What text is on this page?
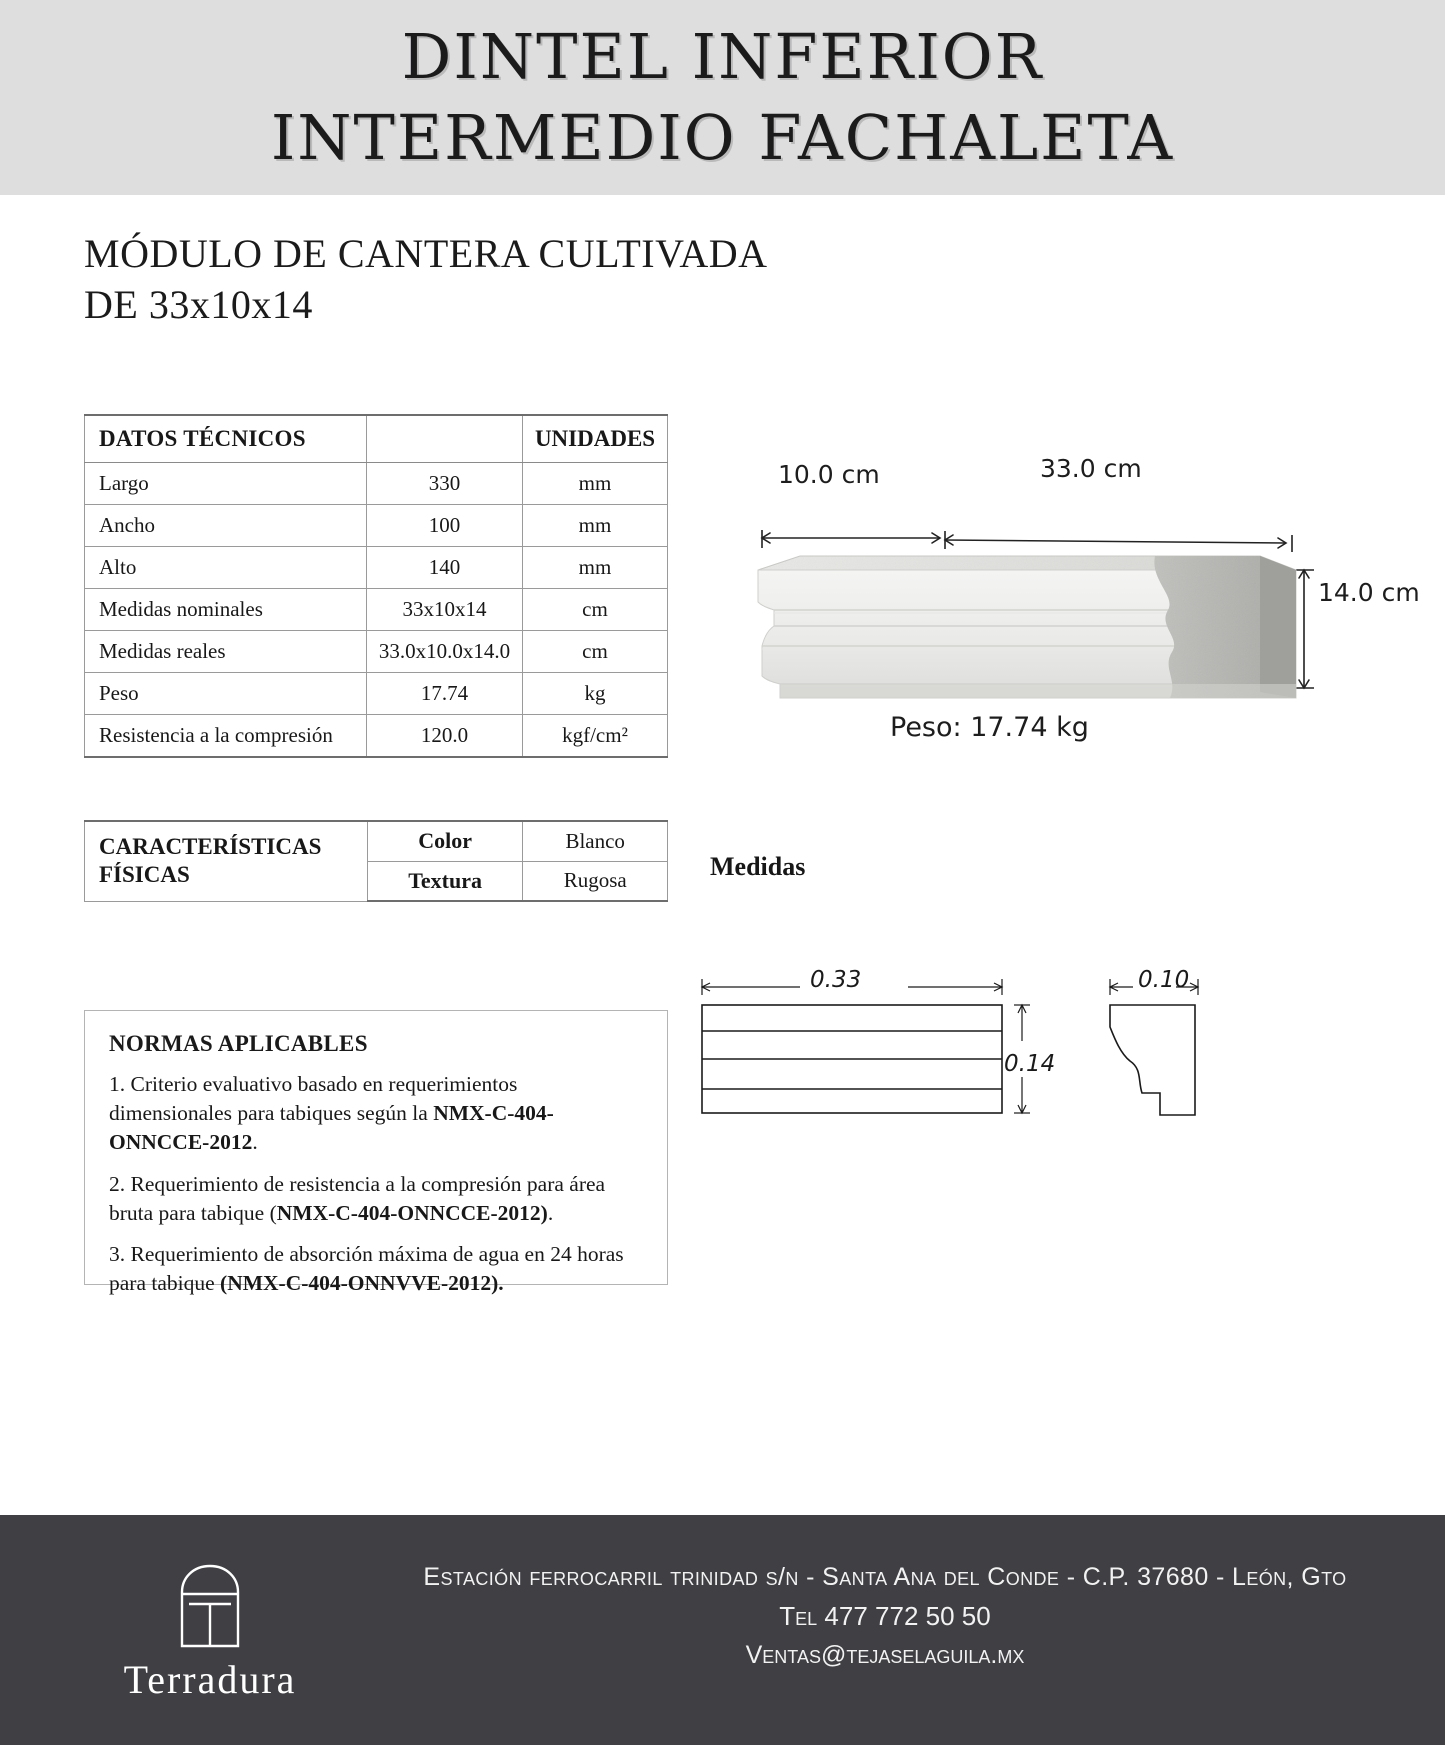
DINTEL INFERIOR
INTERMEDIO FACHALETA
MÓDULO DE CANTERA CULTIVADA
DE 33x10x14
DATOS TÉCNICOS		UNIDADES
Largo	330	mm
Ancho	100	mm
Alto	140	mm
Medidas nominales	33x10x14	cm
Medidas reales	33.0x10.0x14.0	cm
Peso	17.74	kg
Resistencia a la compresión	120.0	kgf/cm²
CARACTERÍSTICAS
FÍSICAS	Color	Blanco
	Textura	Rugosa
NORMAS APLICABLES

1. Criterio evaluativo basado en requerimientos dimensionales para tabiques según la NMX-C-404-ONNCCE-2012.

2. Requerimiento de resistencia a la compresión para área bruta para tabique (NMX-C-404-ONNCCE-2012).

3. Requerimiento de absorción máxima de agua en 24 horas para tabique (NMX-C-404-ONNVVE-2012).

10.0 cm	33.0 cm
14.0 cm
Peso: 17.74 kg
Medidas
0.33
0.14
0.10
Terradura
Estación ferrocarril trinidad s/n - Santa Ana del Conde - C.P. 37680 - León, Gto
Tel 477 772 50 50
Ventas@tejaselaguila.mx
